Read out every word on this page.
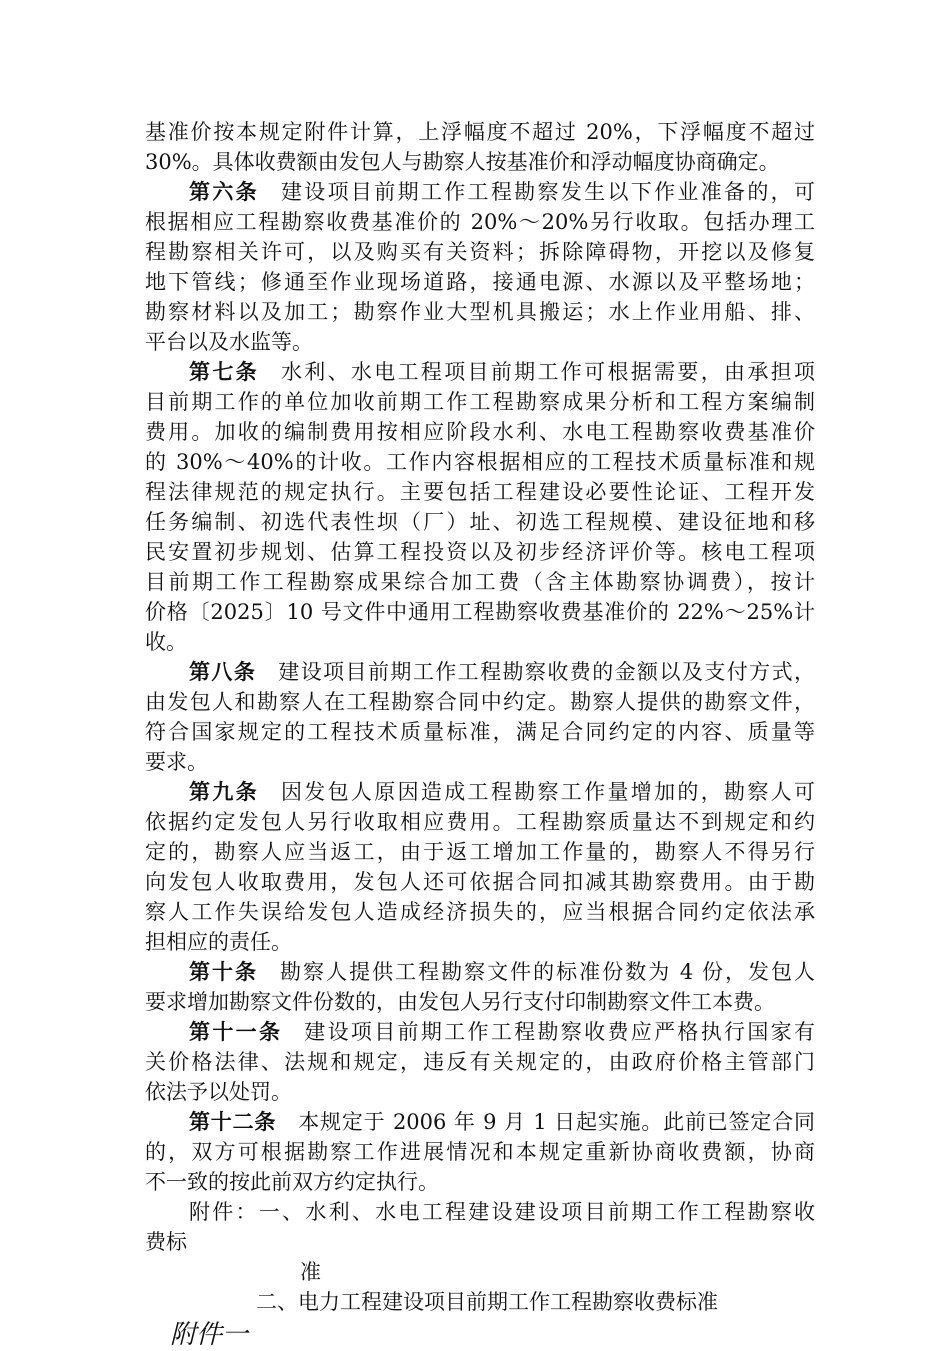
基准价按本规定附件计算，上浮幅度不超过 20%，下浮幅度不超过
30%。具体收费额由发包人与勘察人按基准价和浮动幅度协商确定。
第六条 建设项目前期工作工程勘察发生以下作业准备的，可
根据相应工程勘察收费基准价的 20%～20%另行收取。包括办理工
程勘察相关许可，以及购买有关资料；拆除障碍物，开挖以及修复
地下管线；修通至作业现场道路，接通电源、水源以及平整场地；
勘察材料以及加工；勘察作业大型机具搬运；水上作业用船、排、
平台以及水监等。
第七条 水利、水电工程项目前期工作可根据需要，由承担项
目前期工作的单位加收前期工作工程勘察成果分析和工程方案编制
费用。加收的编制费用按相应阶段水利、水电工程勘察收费基准价
的 30%～40%的计收。工作内容根据相应的工程技术质量标准和规
程法律规范的规定执行。主要包括工程建设必要性论证、工程开发
任务编制、初选代表性坝（厂）址、初选工程规模、建设征地和移
民安置初步规划、估算工程投资以及初步经济评价等。核电工程项
目前期工作工程勘察成果综合加工费（含主体勘察协调费），按计
价格〔2025〕10 号文件中通用工程勘察收费基准价的 22%～25%计
收。
第八条 建设项目前期工作工程勘察收费的金额以及支付方式，
由发包人和勘察人在工程勘察合同中约定。勘察人提供的勘察文件，
符合国家规定的工程技术质量标准，满足合同约定的内容、质量等
要求。
第九条 因发包人原因造成工程勘察工作量增加的，勘察人可
依据约定发包人另行收取相应费用。工程勘察质量达不到规定和约
定的，勘察人应当返工，由于返工增加工作量的，勘察人不得另行
向发包人收取费用，发包人还可依据合同扣减其勘察费用。由于勘
察人工作失误给发包人造成经济损失的，应当根据合同约定依法承
担相应的责任。
第十条 勘察人提供工程勘察文件的标准份数为 4 份，发包人
要求增加勘察文件份数的，由发包人另行支付印制勘察文件工本费。
第十一条 建设项目前期工作工程勘察收费应严格执行国家有
关价格法律、法规和规定，违反有关规定的，由政府价格主管部门
依法予以处罚。
第十二条 本规定于 2006 年 9 月 1 日起实施。此前已签定合同
的，双方可根据勘察工作进展情况和本规定重新协商收费额，协商
不一致的按此前双方约定执行。
附件：一、水利、水电工程建设建设项目前期工作工程勘察收
费标
准
二、电力工程建设项目前期工作工程勘察收费标准
附件一
